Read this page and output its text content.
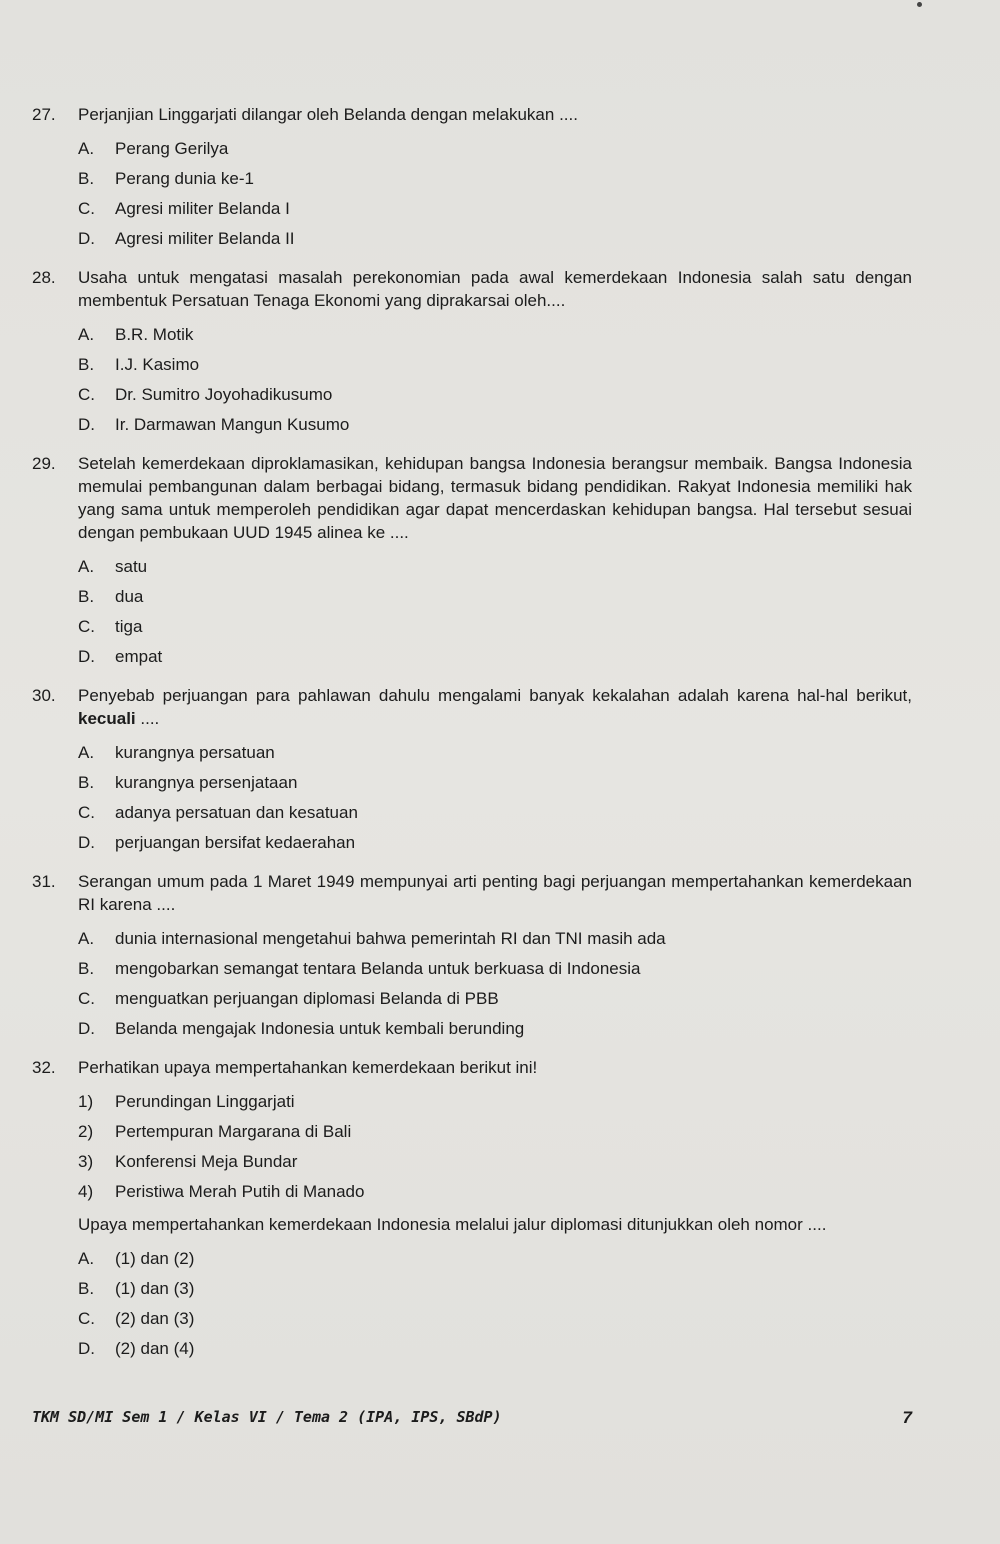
27.	Perjanjian Linggarjati dilangar oleh Belanda dengan melakukan ....
A.	Perang Gerilya
B.	Perang dunia ke-1
C.	Agresi militer Belanda I
D.	Agresi militer Belanda II
28.	Usaha untuk mengatasi masalah perekonomian pada awal kemerdekaan Indonesia salah satu dengan membentuk Persatuan Tenaga Ekonomi yang diprakarsai oleh....
A.	B.R. Motik
B.	I.J. Kasimo
C.	Dr. Sumitro Joyohadikusumo
D.	Ir. Darmawan Mangun Kusumo
29.	Setelah kemerdekaan diproklamasikan, kehidupan bangsa Indonesia berangsur membaik. Bangsa Indonesia memulai pembangunan dalam berbagai bidang, termasuk bidang pendidikan. Rakyat Indonesia memiliki hak yang sama untuk memperoleh pendidikan agar dapat mencerdaskan kehidupan bangsa. Hal tersebut sesuai dengan pembukaan UUD 1945 alinea ke ....
A.	satu
B.	dua
C.	tiga
D.	empat
30.	Penyebab perjuangan para pahlawan dahulu mengalami banyak kekalahan adalah karena hal-hal berikut, kecuali ....
A.	kurangnya persatuan
B.	kurangnya persenjataan
C.	adanya persatuan dan kesatuan
D.	perjuangan bersifat kedaerahan
31.	Serangan umum pada 1 Maret 1949 mempunyai arti penting bagi perjuangan mempertahankan kemerdekaan RI karena ....
A.	dunia internasional mengetahui bahwa pemerintah RI dan TNI masih ada
B.	mengobarkan semangat tentara Belanda untuk berkuasa di Indonesia
C.	menguatkan perjuangan diplomasi Belanda di PBB
D.	Belanda mengajak Indonesia untuk kembali berunding
32.	Perhatikan upaya mempertahankan kemerdekaan berikut ini!
1)	Perundingan Linggarjati
2)	Pertempuran Margarana di Bali
3)	Konferensi Meja Bundar
4)	Peristiwa Merah Putih di Manado
Upaya mempertahankan kemerdekaan Indonesia melalui jalur diplomasi ditunjukkan oleh nomor ....
A.	(1) dan (2)
B.	(1) dan (3)
C.	(2) dan (3)
D.	(2) dan (4)
TKM SD/MI Sem 1 / Kelas VI / Tema 2 (IPA, IPS, SBdP)	7
